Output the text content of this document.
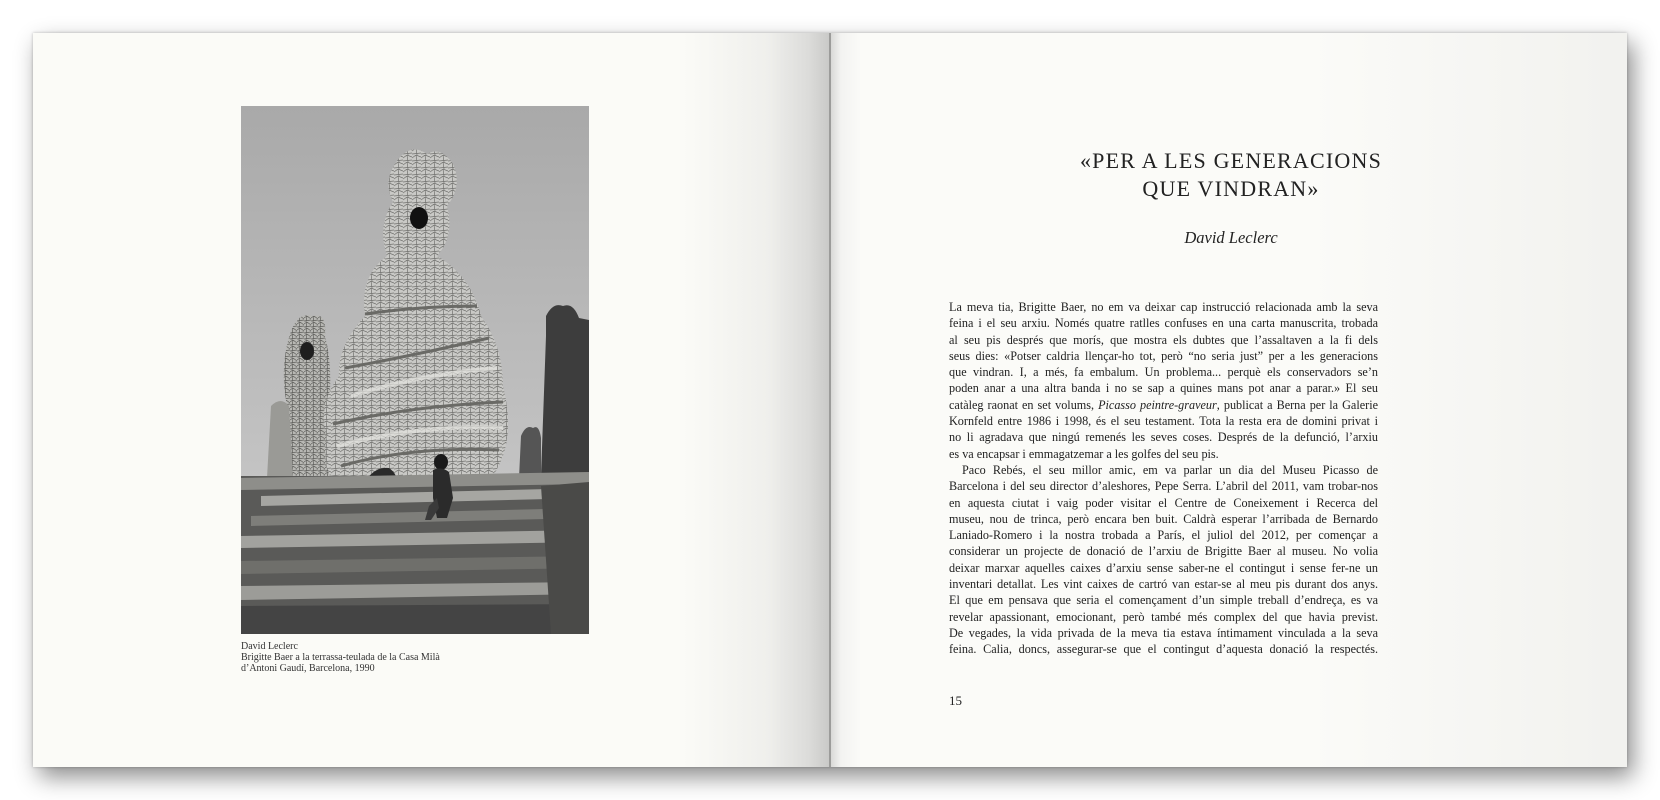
David Leclerc
Brigitte Baer a la terrassa-teulada de la Casa Milà
d’Antoni Gaudí, Barcelona, 1990
«PER A LES GENERACIONS
QUE VINDRAN»
David Leclerc
La meva tia, Brigitte Baer, no em va deixar cap instrucció relacionada amb la seva
feina i el seu arxiu. Només quatre ratlles confuses en una carta manuscrita, trobada
al seu pis després que morís, que mostra els dubtes que l’assaltaven a la fi dels
seus dies: «Potser caldria llençar-ho tot, però “no seria just” per a les generacions
que vindran. I, a més, fa embalum. Un problema... perquè els conservadors se’n
poden anar a una altra banda i no se sap a quines mans pot anar a parar.» El seu
catàleg raonat en set volums, Picasso peintre-graveur, publicat a Berna per la Galerie
Kornfeld entre 1986 i 1998, és el seu testament. Tota la resta era de domini privat i
no li agradava que ningú remenés les seves coses. Després de la defunció, l’arxiu
es va encapsar i emmagatzemar a les golfes del seu pis.
Paco Rebés, el seu millor amic, em va parlar un dia del Museu Picasso de
Barcelona i del seu director d’aleshores, Pepe Serra. L’abril del 2011, vam trobar-nos
en aquesta ciutat i vaig poder visitar el Centre de Coneixement i Recerca del
museu, nou de trinca, però encara ben buit. Caldrà esperar l’arribada de Bernardo
Laniado-Romero i la nostra trobada a París, el juliol del 2012, per començar a
considerar un projecte de donació de l’arxiu de Brigitte Baer al museu. No volia
deixar marxar aquelles caixes d’arxiu sense saber-ne el contingut i sense fer-ne un
inventari detallat. Les vint caixes de cartró van estar-se al meu pis durant dos anys.
El que em pensava que seria el començament d’un simple treball d’endreça, es va
revelar apassionant, emocionant, però també més complex del que havia previst.
De vegades, la vida privada de la meva tia estava íntimament vinculada a la seva
feina. Calia, doncs, assegurar-se que el contingut d’aquesta donació la respectés.
15
